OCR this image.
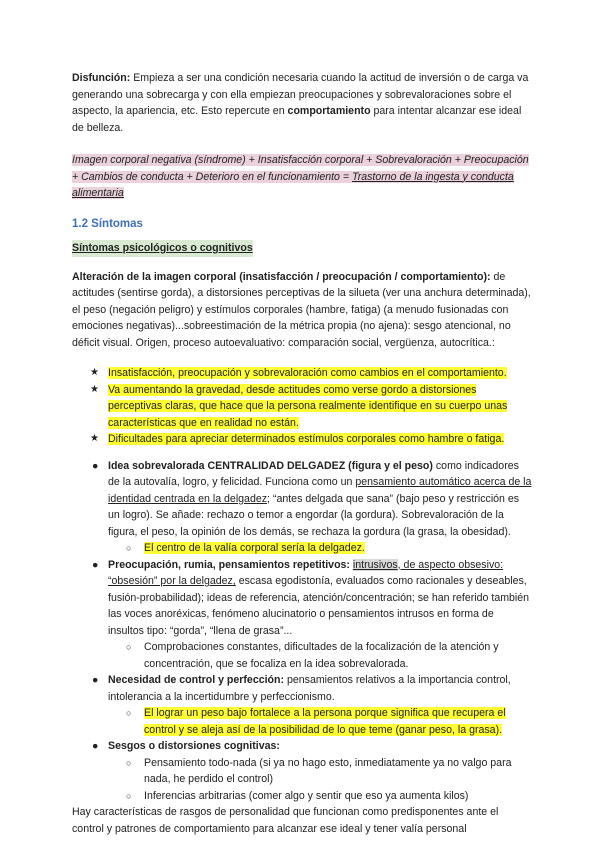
Disfunción: Empieza a ser una condición necesaria cuando la actitud de inversión o de carga va generando una sobrecarga y con ella empiezan preocupaciones y sobrevaloraciones sobre el aspecto, la apariencia, etc. Esto repercute en comportamiento para intentar alcanzar ese ideal de belleza.

Imagen corporal negativa (síndrome) + Insatisfacción corporal + Sobrevaloración + Preocupación + Cambios de conducta + Deterioro en el funcionamiento = Trastorno de la ingesta y conducta alimentaria

1.2 Síntomas
Síntomas psicológicos o cognitivos

Alteración de la imagen corporal (insatisfacción / preocupación / comportamiento): de actitudes (sentirse gorda), a distorsiones perceptivas de la silueta (ver una anchura determinada), el peso (negación peligro) y estímulos corporales (hambre, fatiga) (a menudo fusionadas con emociones negativas)...sobreestimación de la métrica propia (no ajena): sesgo atencional, no déficit visual. Origen, proceso autoevaluativo: comparación social, vergüenza, autocrítica.:

★ Insatisfacción, preocupación y sobrevaloración como cambios en el comportamiento.
★ Va aumentando la gravedad, desde actitudes como verse gordo a distorsiones perceptivas claras, que hace que la persona realmente identifique en su cuerpo unas características que en realidad no están.
★ Dificultades para apreciar determinados estímulos corporales como hambre o fatiga.
● Idea sobrevalorada CENTRALIDAD DELGADEZ (figura y el peso) como indicadores de la autovalía, logro, y felicidad. Funciona como un pensamiento automático acerca de la identidad centrada en la delgadez; “antes delgada que sana” (bajo peso y restricción es un logro). Se añade: rechazo o temor a engordar (la gordura). Sobrevaloración de la figura, el peso, la opinión de los demás, se rechaza la gordura (la grasa, la obesidad).
○ El centro de la valía corporal sería la delgadez.
● Preocupación, rumia, pensamientos repetitivos: intrusivos, de aspecto obsesivo: “obsesión” por la delgadez, escasa egodistonía, evaluados como racionales y deseables, fusión-probabilidad); ideas de referencia, atención/concentración; se han referido también las voces anoréxicas, fenómeno alucinatorio o pensamientos intrusos en forma de insultos tipo: “gorda”, “llena de grasa”...
○ Comprobaciones constantes, dificultades de la focalización de la atención y concentración, que se focaliza en la idea sobrevalorada.
● Necesidad de control y perfección: pensamientos relativos a la importancia control, intolerancia a la incertidumbre y perfeccionismo.
○ El lograr un peso bajo fortalece a la persona porque significa que recupera el control y se aleja así de la posibilidad de lo que teme (ganar peso, la grasa).
● Sesgos o distorsiones cognitivas:
○ Pensamiento todo-nada (si ya no hago esto, inmediatamente ya no valgo para nada, he perdido el control)
○ Inferencias arbitrarias (comer algo y sentir que eso ya aumenta kilos)

Hay características de rasgos de personalidad que funcionan como predisponentes ante el control y patrones de comportamiento para alcanzar ese ideal y tener valía personal
